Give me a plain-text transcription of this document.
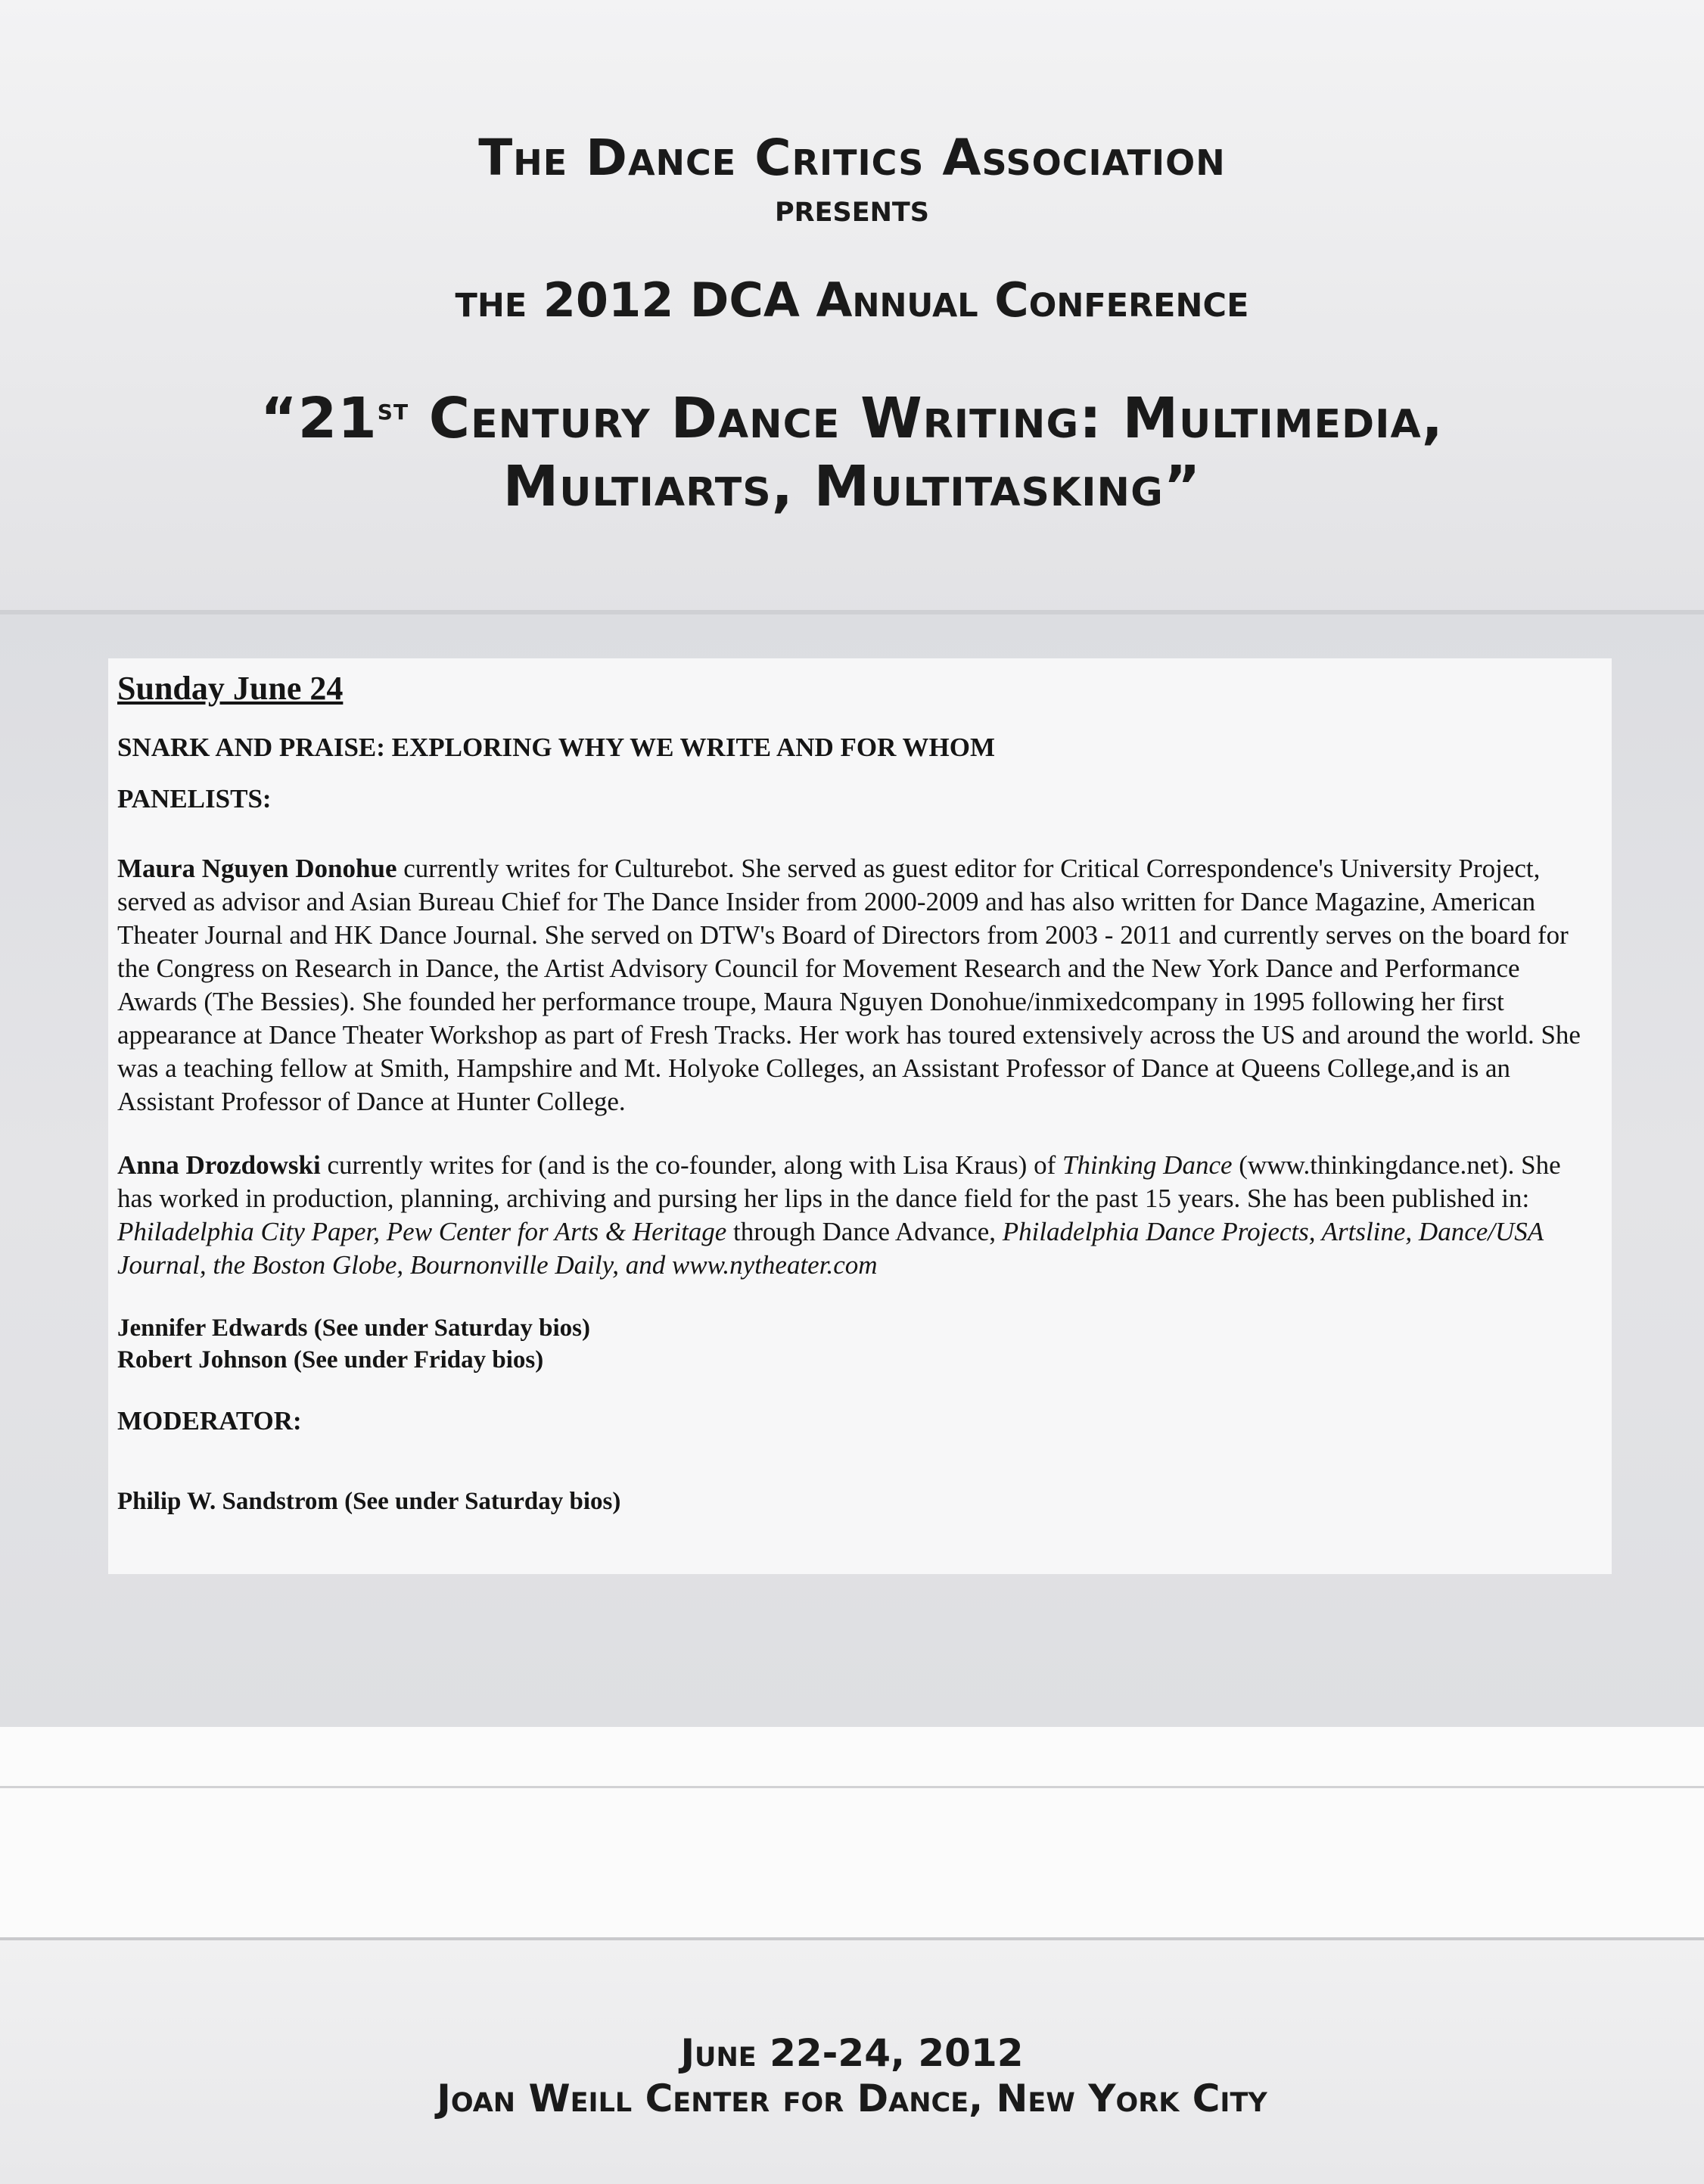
The Dance Critics Association
presents
the 2012 DCA Annual Conference
“21st Century Dance Writing: Multimedia,
Multiarts, Multitasking”

Sunday June 24

SNARK AND PRAISE: EXPLORING WHY WE WRITE AND FOR WHOM

PANELISTS:

Maura Nguyen Donohue currently writes for Culturebot. She served as guest editor for Critical Correspondence's University Project, served as advisor and Asian Bureau Chief for The Dance Insider from 2000-2009 and has also written for Dance Magazine, American Theater Journal and HK Dance Journal. She served on DTW's Board of Directors from 2003 - 2011 and currently serves on the board for the Congress on Research in Dance, the Artist Advisory Council for Movement Research and the New York Dance and Performance Awards (The Bessies). She founded her performance troupe, Maura Nguyen Donohue/inmixedcompany in 1995 following her first appearance at Dance Theater Workshop as part of Fresh Tracks. Her work has toured extensively across the US and around the world. She was a teaching fellow at Smith, Hampshire and Mt. Holyoke Colleges, an Assistant Professor of Dance at Queens College,and is an Assistant Professor of Dance at Hunter College.

Anna Drozdowski currently writes for (and is the co-founder, along with Lisa Kraus) of Thinking Dance (www.thinkingdance.net). She has worked in production, planning, archiving and pursing her lips in the dance field for the past 15 years. She has been published in: Philadelphia City Paper, Pew Center for Arts & Heritage through Dance Advance, Philadelphia Dance Projects, Artsline, Dance/USA Journal, the Boston Globe, Bournonville Daily, and www.nytheater.com

Jennifer Edwards (See under Saturday bios)
Robert Johnson (See under Friday bios)

MODERATOR:

Philip W. Sandstrom (See under Saturday bios)

June 22-24, 2012
Joan Weill Center for Dance, New York City
